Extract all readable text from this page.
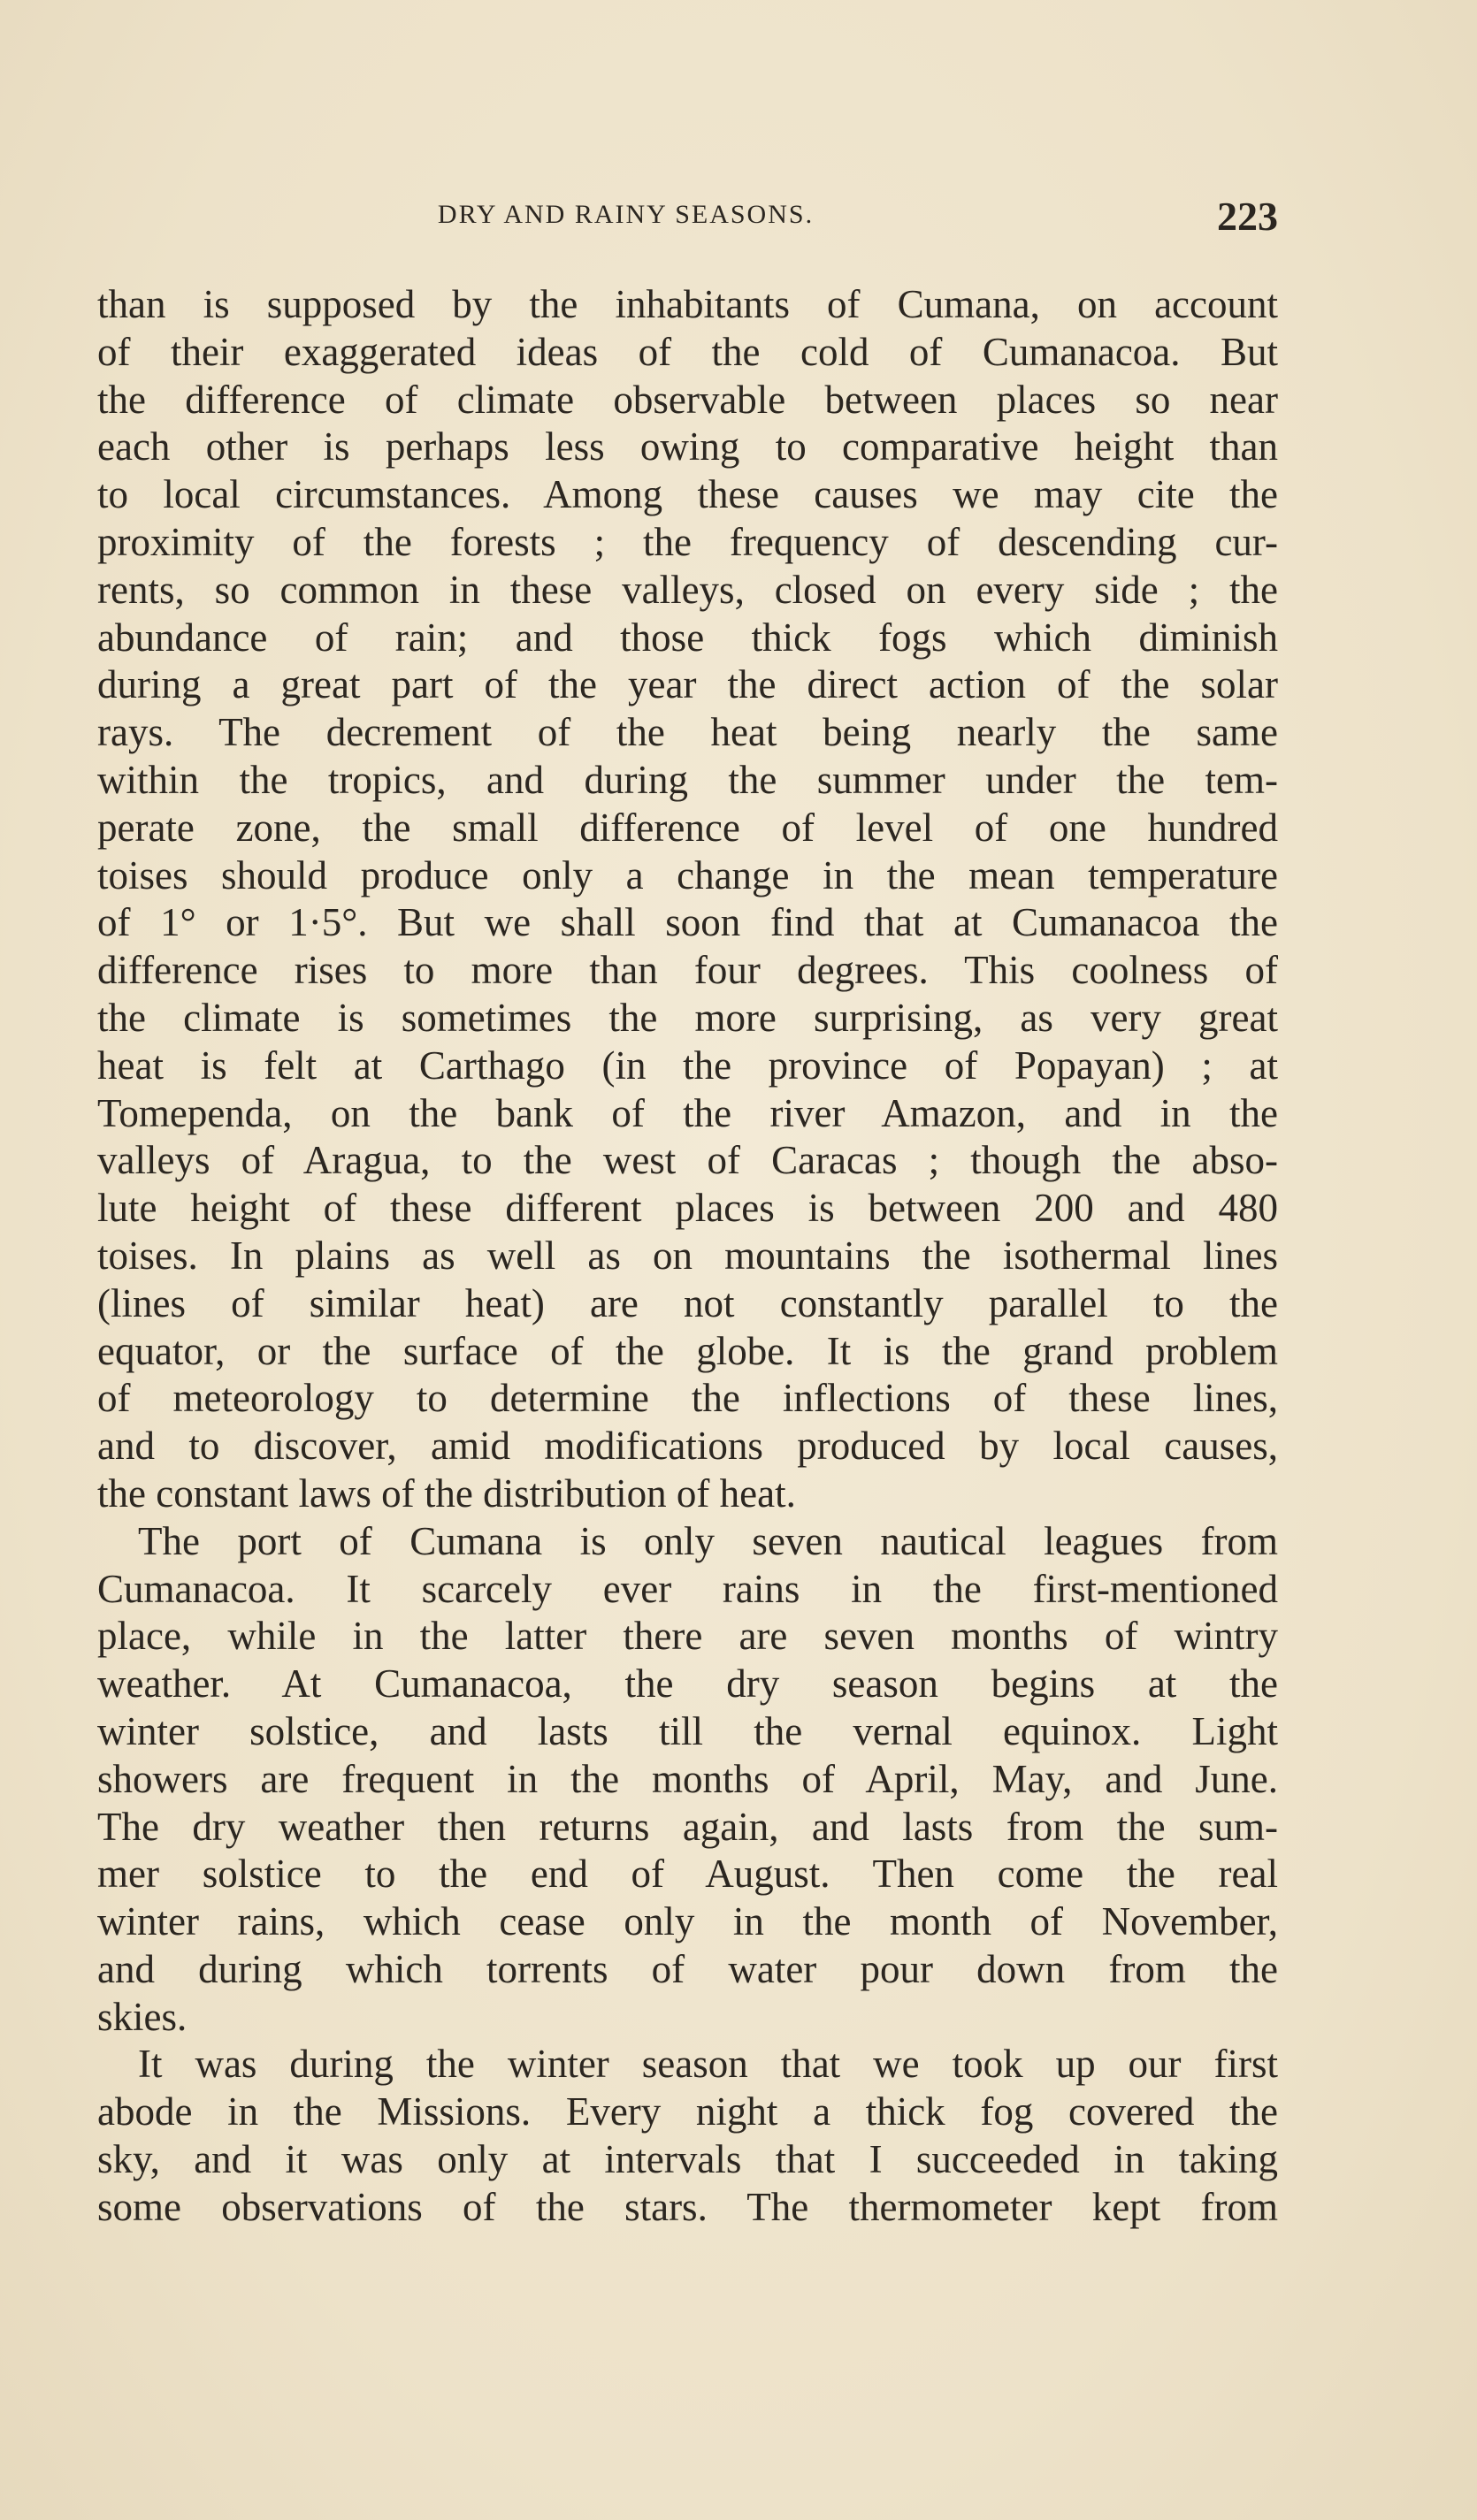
DRY AND RAINY SEASONS.	223
than is supposed by the inhabitants of Cumana, on account
of their exaggerated ideas of the cold of Cumanacoa. But
the difference of climate observable between places so near
each other is perhaps less owing to comparative height than
to local circumstances. Among these causes we may cite the
proximity of the forests ; the frequency of descending cur-
rents, so common in these valleys, closed on every side ; the
abundance of rain; and those thick fogs which diminish
during a great part of the year the direct action of the solar
rays. The decrement of the heat being nearly the same
within the tropics, and during the summer under the tem-
perate zone, the small difference of level of one hundred
toises should produce only a change in the mean temperature
of 1° or 1·5°. But we shall soon find that at Cumanacoa the
difference rises to more than four degrees. This coolness of
the climate is sometimes the more surprising, as very great
heat is felt at Carthago (in the province of Popayan) ; at
Tomependa, on the bank of the river Amazon, and in the
valleys of Aragua, to the west of Caracas ; though the abso-
lute height of these different places is between 200 and 480
toises. In plains as well as on mountains the isothermal lines
(lines of similar heat) are not constantly parallel to the
equator, or the surface of the globe. It is the grand problem
of meteorology to determine the inflections of these lines,
and to discover, amid modifications produced by local causes,
the constant laws of the distribution of heat.
The port of Cumana is only seven nautical leagues from
Cumanacoa. It scarcely ever rains in the first-mentioned
place, while in the latter there are seven months of wintry
weather. At Cumanacoa, the dry season begins at the
winter solstice, and lasts till the vernal equinox. Light
showers are frequent in the months of April, May, and June.
The dry weather then returns again, and lasts from the sum-
mer solstice to the end of August. Then come the real
winter rains, which cease only in the month of November,
and during which torrents of water pour down from the
skies.
It was during the winter season that we took up our first
abode in the Missions. Every night a thick fog covered the
sky, and it was only at intervals that I succeeded in taking
some observations of the stars. The thermometer kept from
